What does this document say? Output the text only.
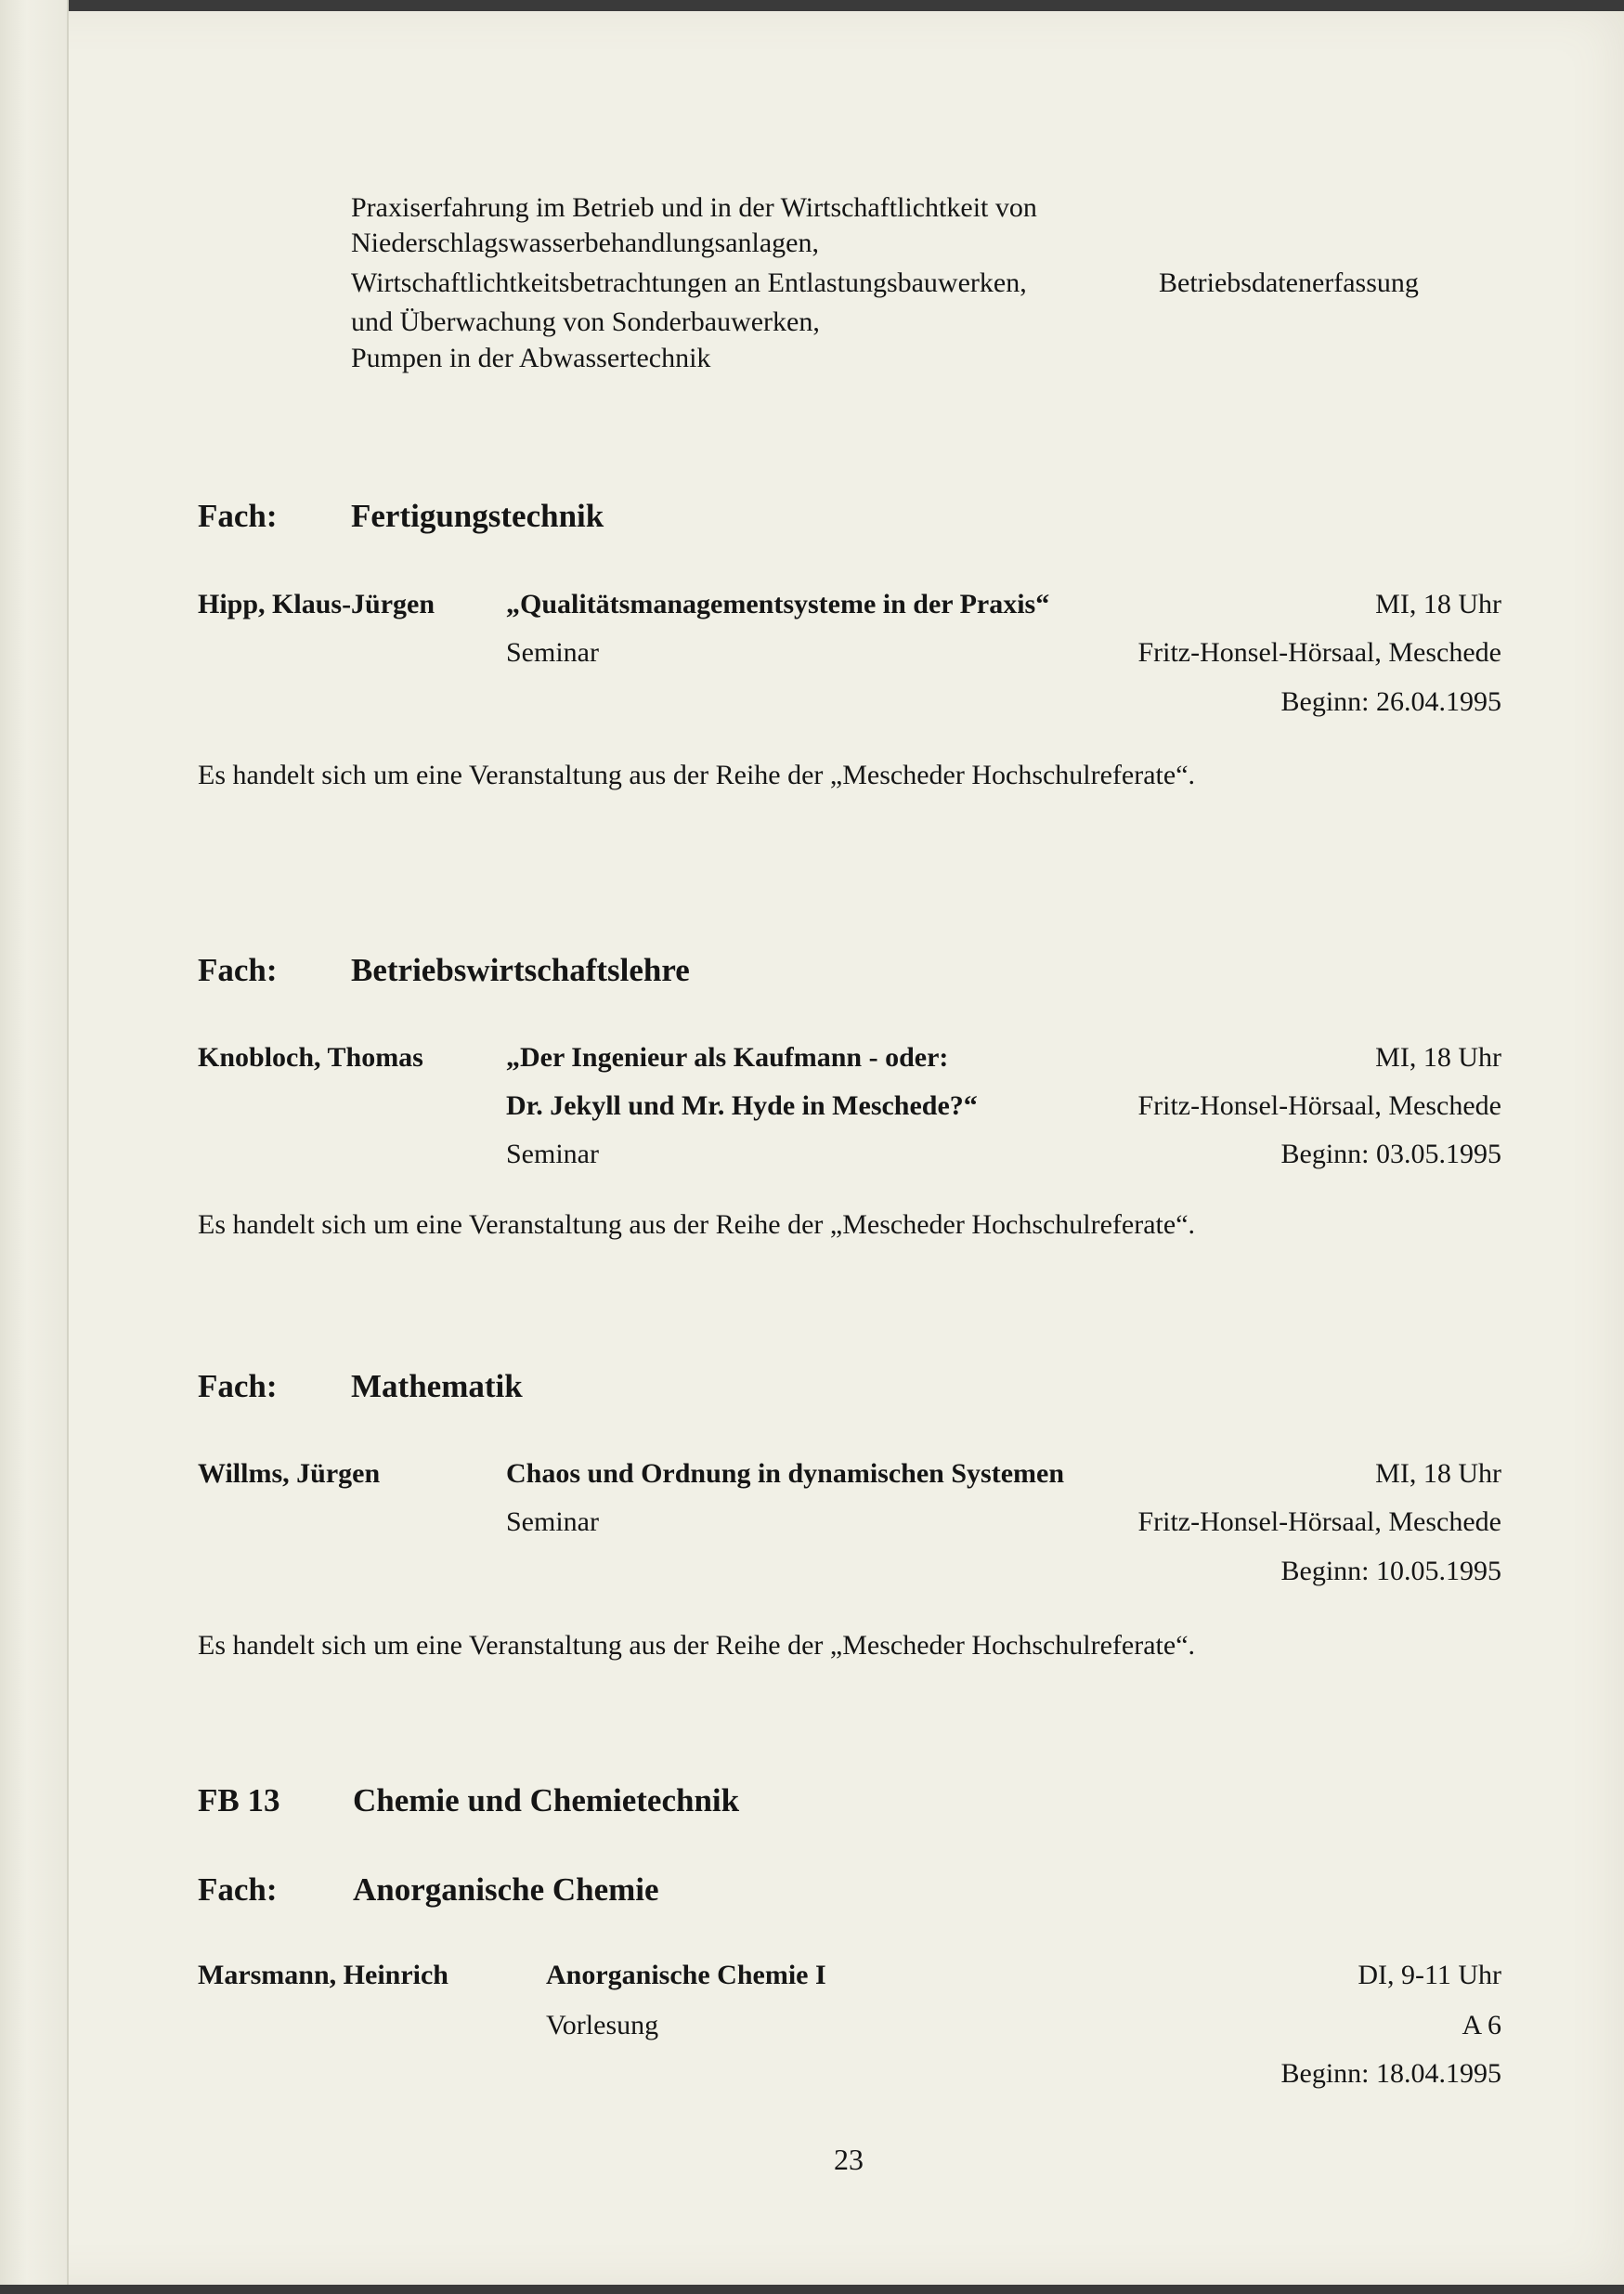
Praxiserfahrung im Betrieb und in der Wirtschaftlichtkeit von
Niederschlagswasserbehandlungsanlagen,
Wirtschaftlichtkeitsbetrachtungen an Entlastungsbauwerken,	Betriebsdatenerfassung
und Überwachung von Sonderbauwerken,
Pumpen in der Abwassertechnik
Fach: Fertigungstechnik
Hipp, Klaus-Jürgen	„Qualitätsmanagementsysteme in der Praxis“	MI, 18 Uhr
Seminar	Fritz-Honsel-Hörsaal, Meschede
Beginn: 26.04.1995
Es handelt sich um eine Veranstaltung aus der Reihe der „Mescheder Hochschulreferate“.
Fach: Betriebswirtschaftslehre
Knobloch, Thomas	„Der Ingenieur als Kaufmann - oder:	MI, 18 Uhr
Dr. Jekyll und Mr. Hyde in Meschede?“	Fritz-Honsel-Hörsaal, Meschede
Seminar	Beginn: 03.05.1995
Es handelt sich um eine Veranstaltung aus der Reihe der „Mescheder Hochschulreferate“.
Fach: Mathematik
Willms, Jürgen	Chaos und Ordnung in dynamischen Systemen	MI, 18 Uhr
Seminar	Fritz-Honsel-Hörsaal, Meschede
Beginn: 10.05.1995
Es handelt sich um eine Veranstaltung aus der Reihe der „Mescheder Hochschulreferate“.
FB 13 Chemie und Chemietechnik
Fach: Anorganische Chemie
Marsmann, Heinrich	Anorganische Chemie I	DI, 9-11 Uhr
Vorlesung	A 6
Beginn: 18.04.1995
23
